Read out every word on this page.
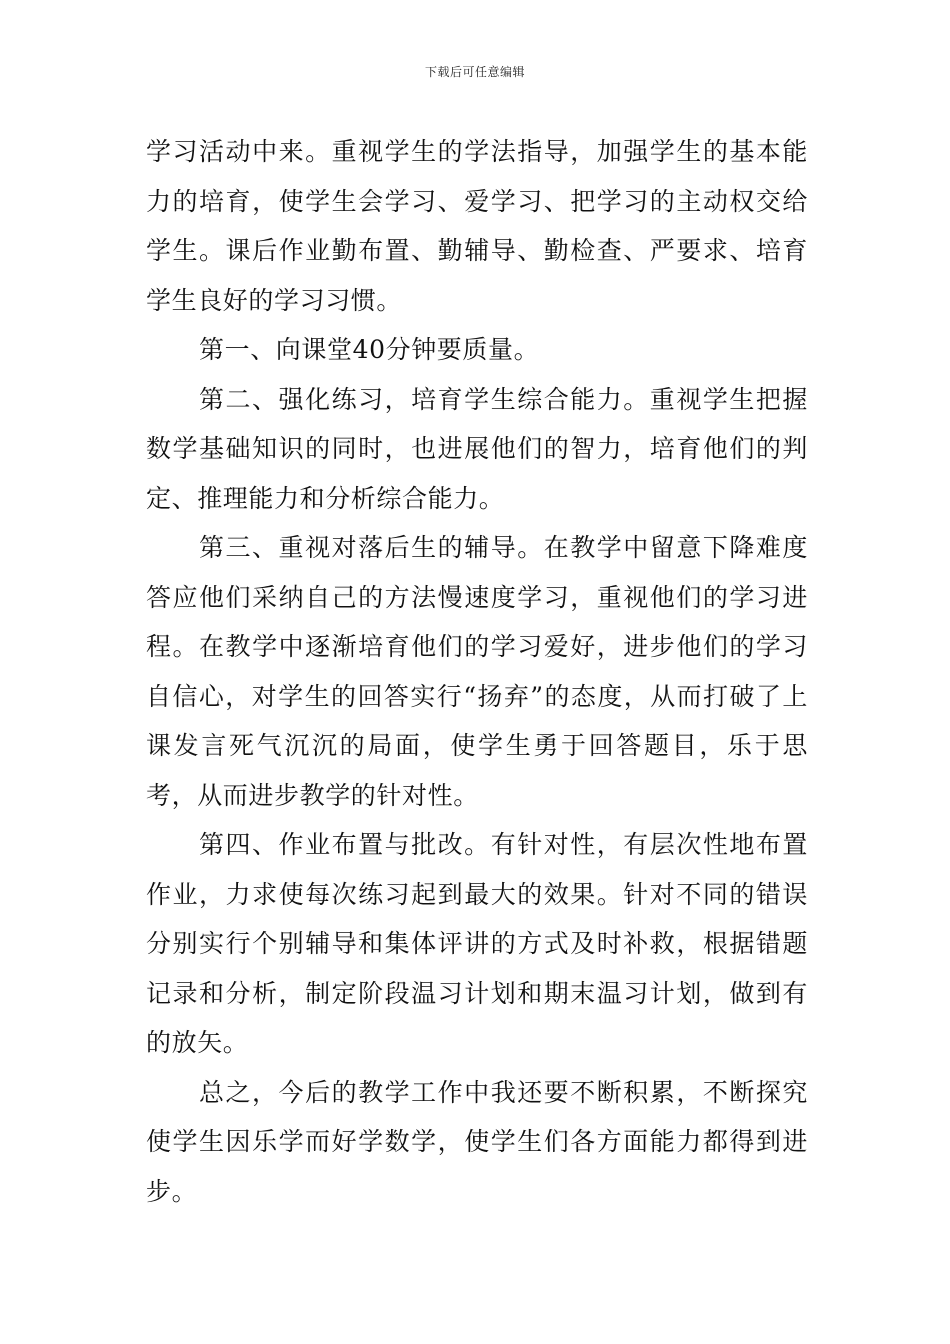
下载后可任意编辑

学习活动中来。重视学生的学法指导，加强学生的基本能力的培育，使学生会学习、爱学习、把学习的主动权交给学生。课后作业勤布置、勤辅导、勤检查、严要求、培育学生良好的学习习惯。

第一、向课堂40分钟要质量。

第二、强化练习，培育学生综合能力。重视学生把握数学基础知识的同时，也进展他们的智力，培育他们的判定、推理能力和分析综合能力。

第三、重视对落后生的辅导。在教学中留意下降难度答应他们采纳自己的方法慢速度学习，重视他们的学习进程。在教学中逐渐培育他们的学习爱好，进步他们的学习自信心，对学生的回答实行“扬弃”的态度，从而打破了上课发言死气沉沉的局面，使学生勇于回答题目，乐于思考，从而进步教学的针对性。

第四、作业布置与批改。有针对性，有层次性地布置作业，力求使每次练习起到最大的效果。针对不同的错误分别实行个别辅导和集体评讲的方式及时补救，根据错题记录和分析，制定阶段温习计划和期末温习计划，做到有的放矢。

总之，今后的教学工作中我还要不断积累，不断探究使学生因乐学而好学数学，使学生们各方面能力都得到进步。
